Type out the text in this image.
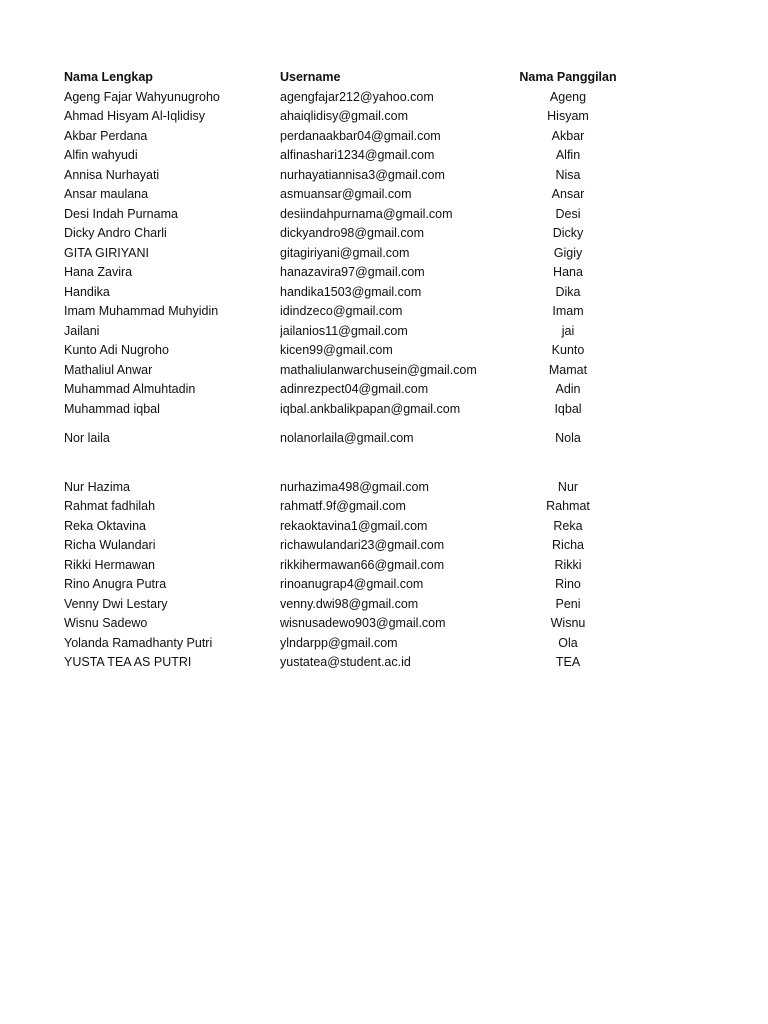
Nama Lengkap	Username	Nama Panggilan
Ageng Fajar Wahyunugroho	agengfajar212@yahoo.com	Ageng
Ahmad Hisyam Al-Iqlidisy	ahaiqlidisy@gmail.com	Hisyam
Akbar Perdana	perdanaakbar04@gmail.com	Akbar
Alfin wahyudi	alfinashari1234@gmail.com	Alfin
Annisa Nurhayati	nurhayatiannisa3@gmail.com	Nisa
Ansar maulana	asmuansar@gmail.com	Ansar
Desi Indah Purnama	desiindahpurnama@gmail.com	Desi
Dicky Andro Charli	dickyandro98@gmail.com	Dicky
GITA GIRIYANI	gitagiriyani@gmail.com	Gigiy
Hana Zavira	hanazavira97@gmail.com	Hana
Handika	handika1503@gmail.com	Dika
Imam Muhammad Muhyidin	idindzeco@gmail.com	Imam
Jailani	jailanios11@gmail.com	jai
Kunto Adi Nugroho	kicen99@gmail.com	Kunto
Mathaliul Anwar	mathaliulanwarchusein@gmail.com	Mamat
Muhammad Almuhtadin	adinrezpect04@gmail.com	Adin
Muhammad iqbal	iqbal.ankbalikpapan@gmail.com	Iqbal
Nor laila	nolanorlaila@gmail.com	Nola
Nur Hazima	nurhazima498@gmail.com	Nur
Rahmat fadhilah	rahmatf.9f@gmail.com	Rahmat
Reka Oktavina	rekaoktavina1@gmail.com	Reka
Richa Wulandari	richawulandari23@gmail.com	Richa
Rikki Hermawan	rikkihermawan66@gmail.com	Rikki
Rino Anugra Putra	rinoanugrap4@gmail.com	Rino
Venny Dwi Lestary	venny.dwi98@gmail.com	Peni
Wisnu Sadewo	wisnusadewo903@gmail.com	Wisnu
Yolanda Ramadhanty Putri	ylndarpp@gmail.com	Ola
YUSTA TEA AS PUTRI	yustatea@student.ac.id	TEA
